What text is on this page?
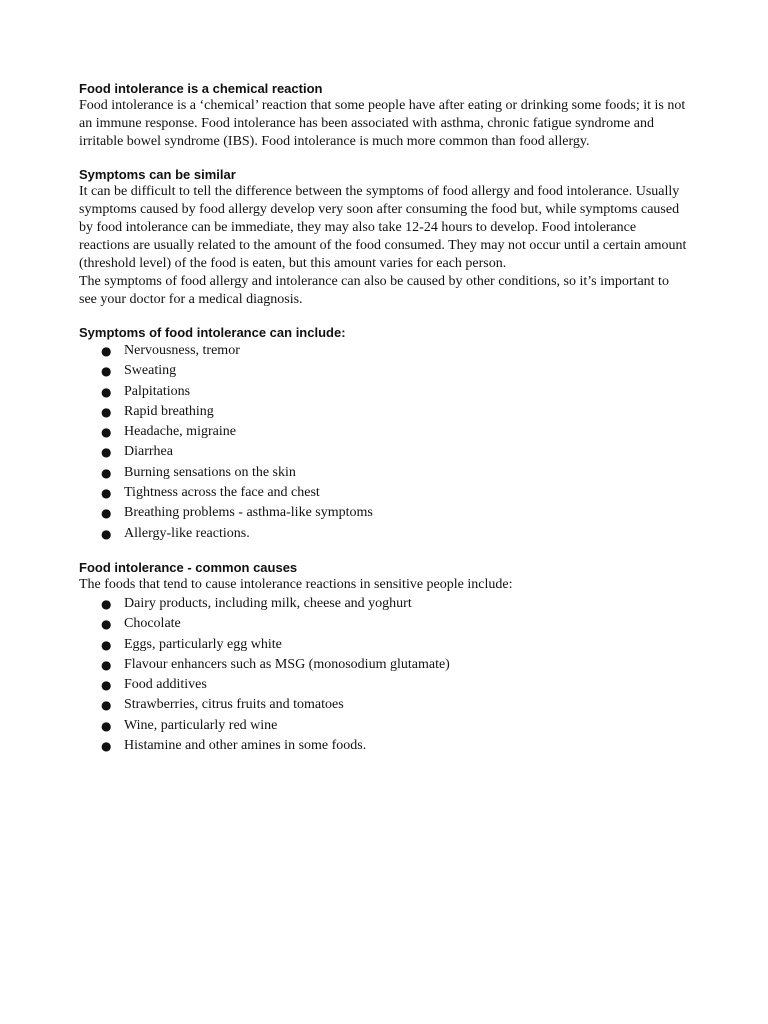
Food intolerance is a chemical reaction

Food intolerance is a ‘chemical’ reaction that some people have after eating or drinking some foods; it is not an immune response. Food intolerance has been associated with asthma, chronic fatigue syndrome and irritable bowel syndrome (IBS). Food intolerance is much more common than food allergy.

Symptoms can be similar

It can be difficult to tell the difference between the symptoms of food allergy and food intolerance. Usually symptoms caused by food allergy develop very soon after consuming the food but, while symptoms caused by food intolerance can be immediate, they may also take 12-24 hours to develop. Food intolerance reactions are usually related to the amount of the food consumed. They may not occur until a certain amount (threshold level) of the food is eaten, but this amount varies for each person.

The symptoms of food allergy and intolerance can also be caused by other conditions, so it’s important to see your doctor for a medical diagnosis.

Symptoms of food intolerance can include:

● Nervousness, tremor
● Sweating
● Palpitations
● Rapid breathing
● Headache, migraine
● Diarrhea
● Burning sensations on the skin
● Tightness across the face and chest
● Breathing problems - asthma-like symptoms
● Allergy-like reactions.

Food intolerance - common causes

The foods that tend to cause intolerance reactions in sensitive people include:

● Dairy products, including milk, cheese and yoghurt
● Chocolate
● Eggs, particularly egg white
● Flavour enhancers such as MSG (monosodium glutamate)
● Food additives
● Strawberries, citrus fruits and tomatoes
● Wine, particularly red wine
● Histamine and other amines in some foods.
